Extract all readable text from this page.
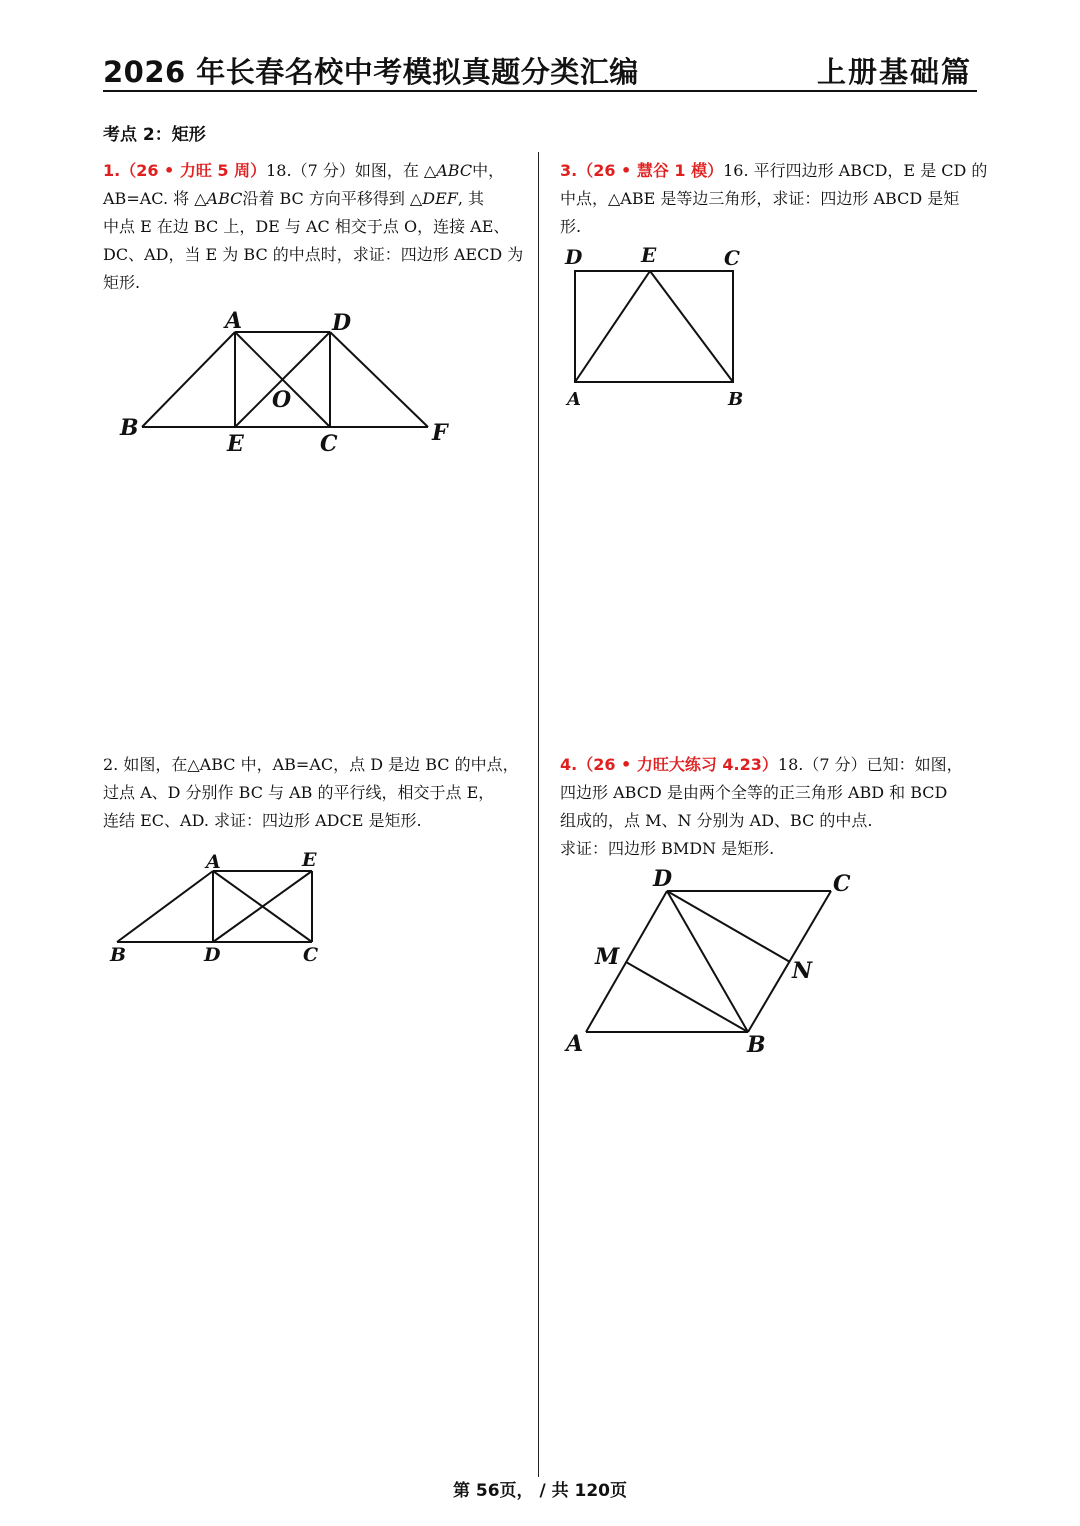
2026 年长春名校中考模拟真题分类汇编	上册基础篇
考点 2：矩形
1.（26 • 力旺 5 周）18.（7 分）如图，在 △ABC中，
AB=AC. 将 △ABC沿着 BC 方向平移得到 △DEF, 其
中点 E 在边 BC 上，DE 与 AC 相交于点 O，连接 AE、
DC、AD，当 E 为 BC 的中点时，求证：四边形 AECD 为
矩形.
A	D
O
B
E	C	F
2. 如图，在△ABC 中，AB=AC，点 D 是边 BC 的中点，
过点 A、D 分别作 BC 与 AB 的平行线，相交于点 E，
连结 EC、AD. 求证：四边形 ADCE 是矩形.
A	E
B	D	C
3.（26 • 慧谷 1 模）16. 平行四边形 ABCD，E 是 CD 的
中点，△ABE 是等边三角形，求证：四边形 ABCD 是矩
形.
D	E	C
A	B
4.（26 • 力旺大练习 4.23）18.（7 分）已知：如图，
四边形 ABCD 是由两个全等的正三角形 ABD 和 BCD
组成的，点 M、N 分别为 AD、BC 的中点.
求证：四边形 BMDN 是矩形.
D	C
M
N
A	B
第 56页， / 共 120页
